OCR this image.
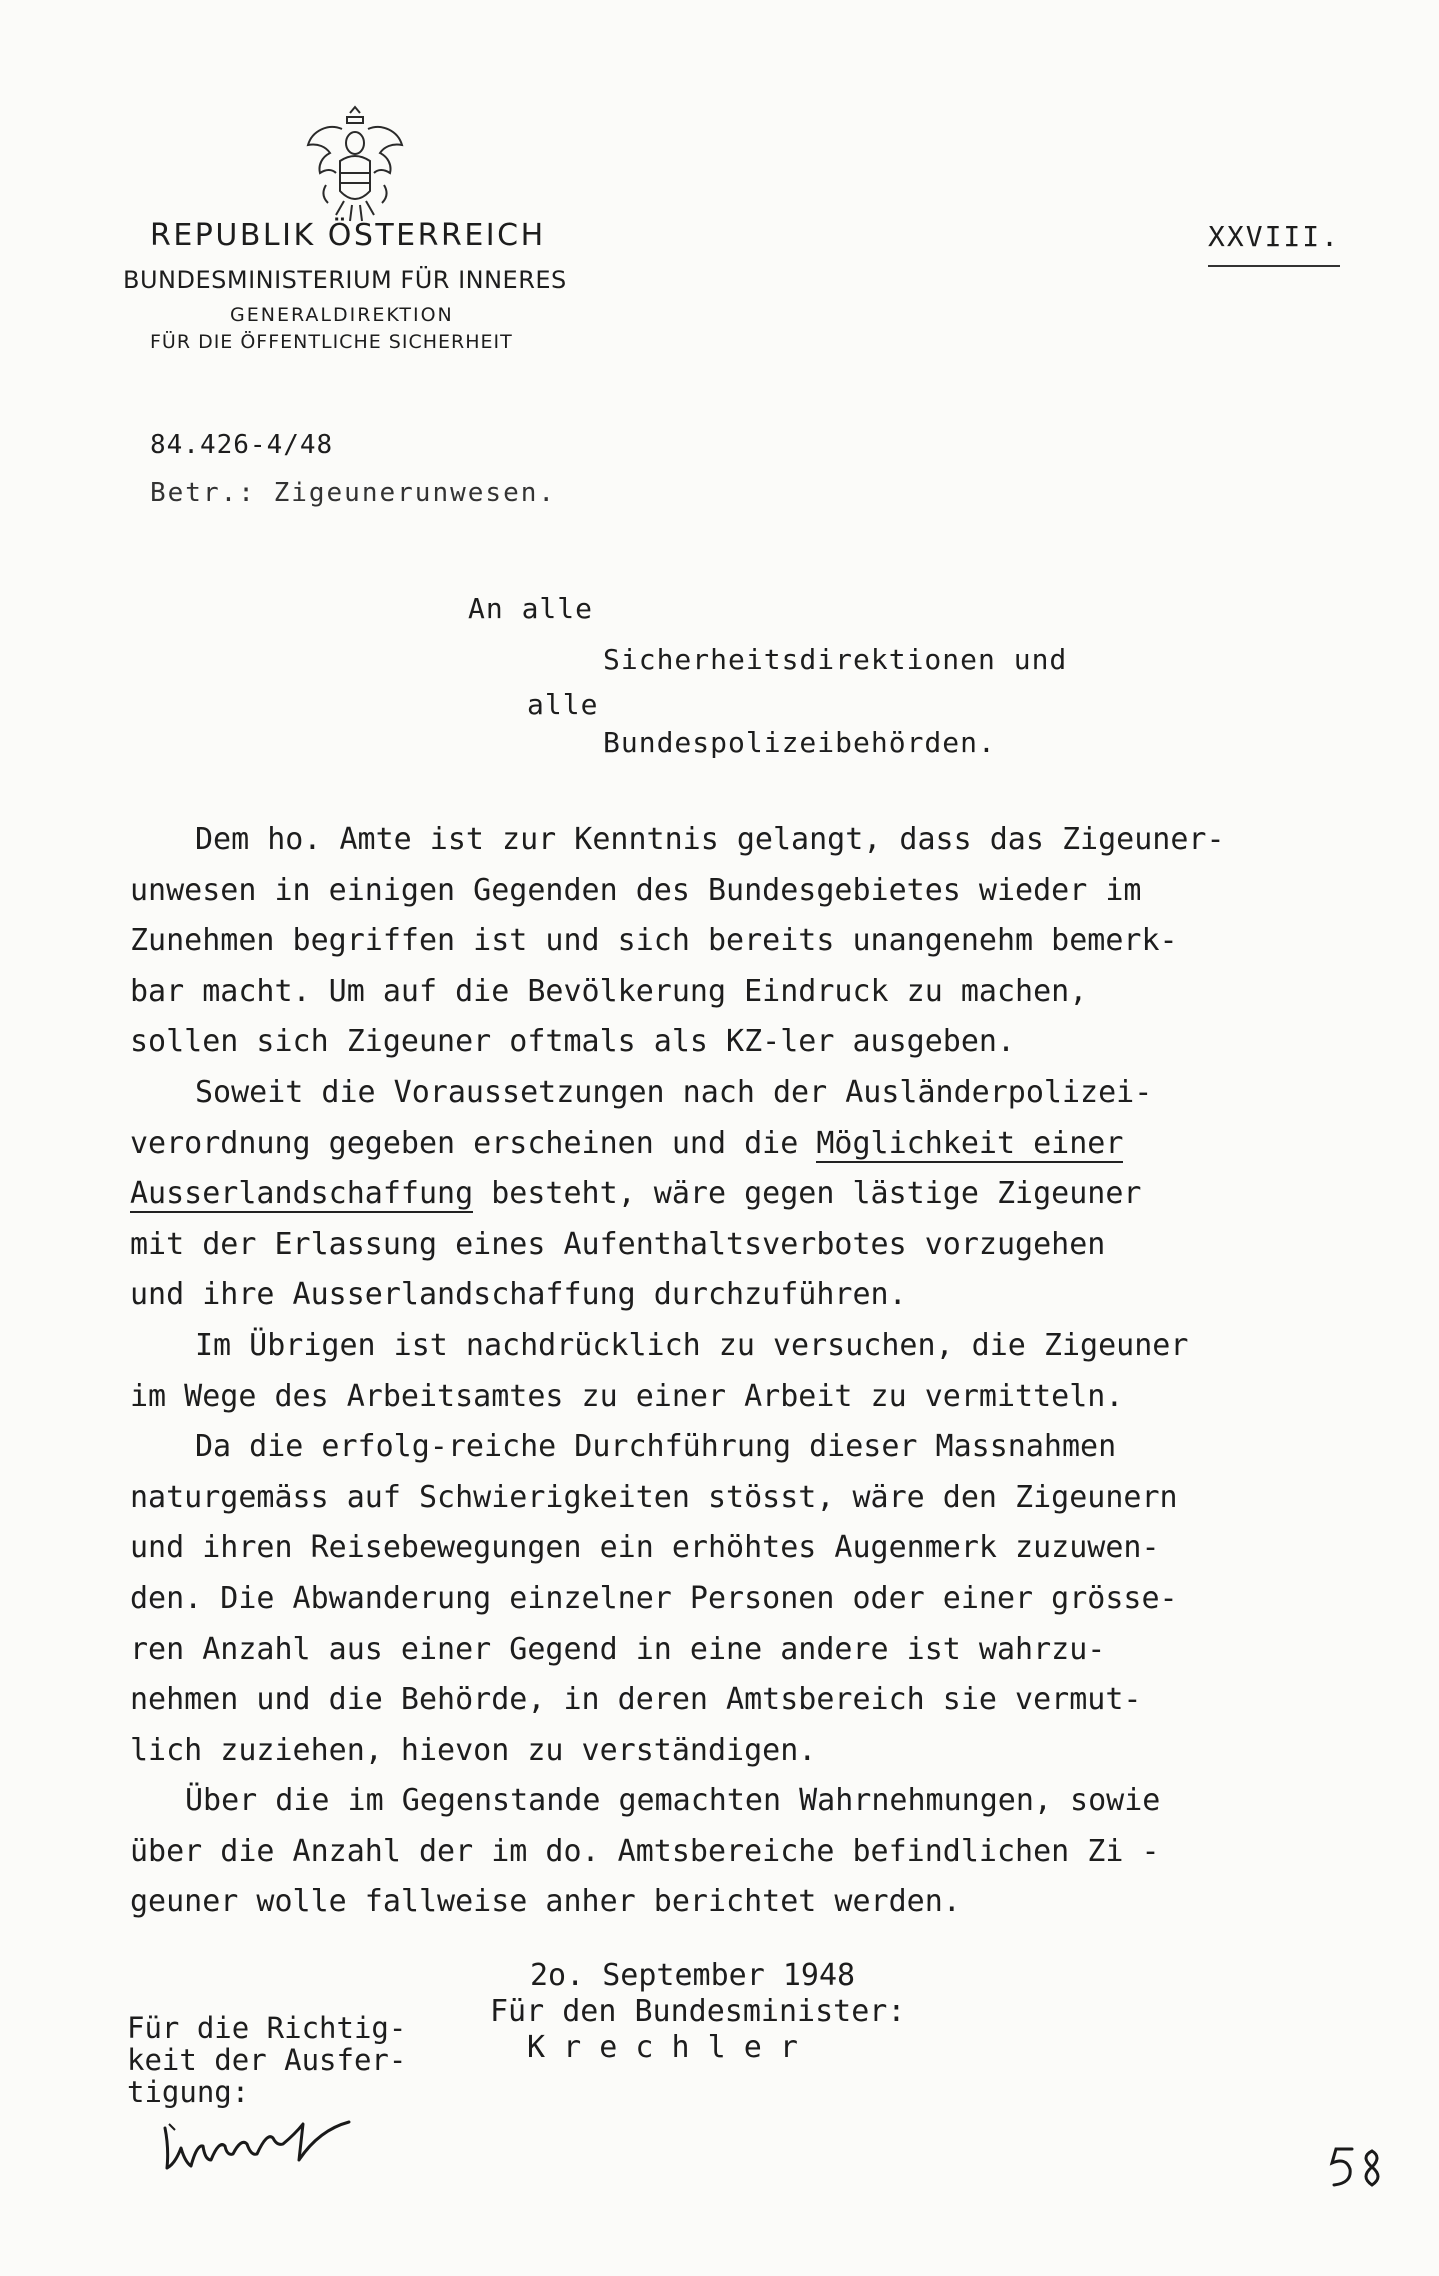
REPUBLIK ÖSTERREICH
BUNDESMINISTERIUM FÜR INNERES
GENERALDIREKTION
FÜR DIE ÖFFENTLICHE SICHERHEIT
XXVIII.
84.426-4/48
Betr.: Zigeunerunwesen.
An alle
Sicherheitsdirektionen und
alle
Bundespolizeibehörden.
Dem ho. Amte ist zur Kenntnis gelangt, dass das Zigeuner-
unwesen in einigen Gegenden des Bundesgebietes wieder im
Zunehmen begriffen ist und sich bereits unangenehm bemerk-
bar macht. Um auf die Bevölkerung Eindruck zu machen,
sollen sich Zigeuner oftmals als KZ-ler ausgeben.
Soweit die Voraussetzungen nach der Ausländerpolizei-
verordnung gegeben erscheinen und die Möglichkeit einer
Ausserlandschaffung besteht, wäre gegen lästige Zigeuner
mit der Erlassung eines Aufenthaltsverbotes vorzugehen
und ihre Ausserlandschaffung durchzuführen.
Im Übrigen ist nachdrücklich zu versuchen, die Zigeuner
im Wege des Arbeitsamtes zu einer Arbeit zu vermitteln.
Da die erfolg-reiche Durchführung dieser Massnahmen
naturgemäss auf Schwierigkeiten stösst, wäre den Zigeunern
und ihren Reisebewegungen ein erhöhtes Augenmerk zuzuwen-
den. Die Abwanderung einzelner Personen oder einer grösse-
ren Anzahl aus einer Gegend in eine andere ist wahrzu-
nehmen und die Behörde, in deren Amtsbereich sie vermut-
lich zuziehen, hievon zu verständigen.
Über die im Gegenstande gemachten Wahrnehmungen, sowie
über die Anzahl der im do. Amtsbereiche befindlichen Zi -
geuner wolle fallweise anher berichtet werden.
2o. September 1948
Für den Bundesminister:
K r e c h l e r
Für die Richtig-
keit der Ausfer-
tigung:
